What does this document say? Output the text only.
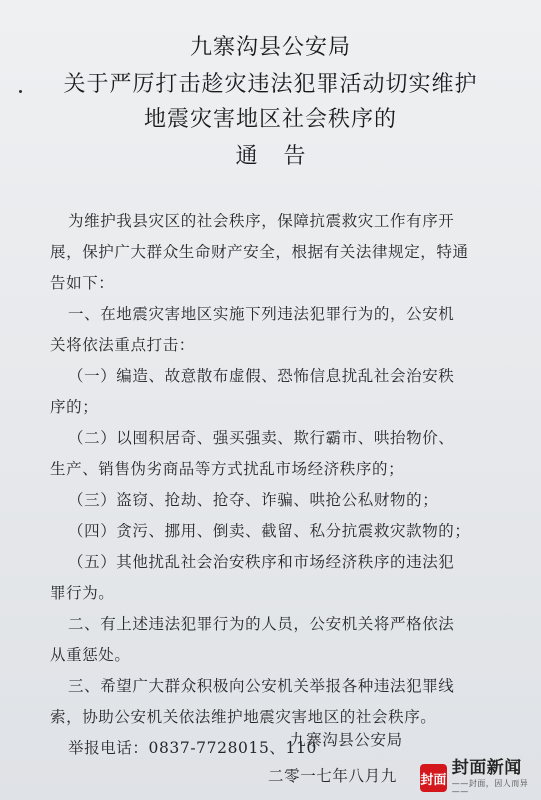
九寨沟县公安局
关于严厉打击趁灾违法犯罪活动切实维护
地震灾害地区社会秩序的
通告
为维护我县灾区的社会秩序，保障抗震救灾工作有序开
展，保护广大群众生命财产安全，根据有关法律规定，特通
告如下：
一、在地震灾害地区实施下列违法犯罪行为的，公安机
关将依法重点打击：
（一）编造、故意散布虚假、恐怖信息扰乱社会治安秩
序的；
（二）以囤积居奇、强买强卖、欺行霸市、哄抬物价、
生产、销售伪劣商品等方式扰乱市场经济秩序的；
（三）盗窃、抢劫、抢夺、诈骗、哄抢公私财物的；
（四）贪污、挪用、倒卖、截留、私分抗震救灾款物的；
（五）其他扰乱社会治安秩序和市场经济秩序的违法犯
罪行为。
二、有上述违法犯罪行为的人员，公安机关将严格依法
从重惩处。
三、希望广大群众积极向公安机关举报各种违法犯罪线
索，协助公安机关依法维护地震灾害地区的社会秩序。
举报电话：0837-7728015、110
九寨沟县公安局
二零一七年八月九 封面
封面新闻
——封面，因人而异——
